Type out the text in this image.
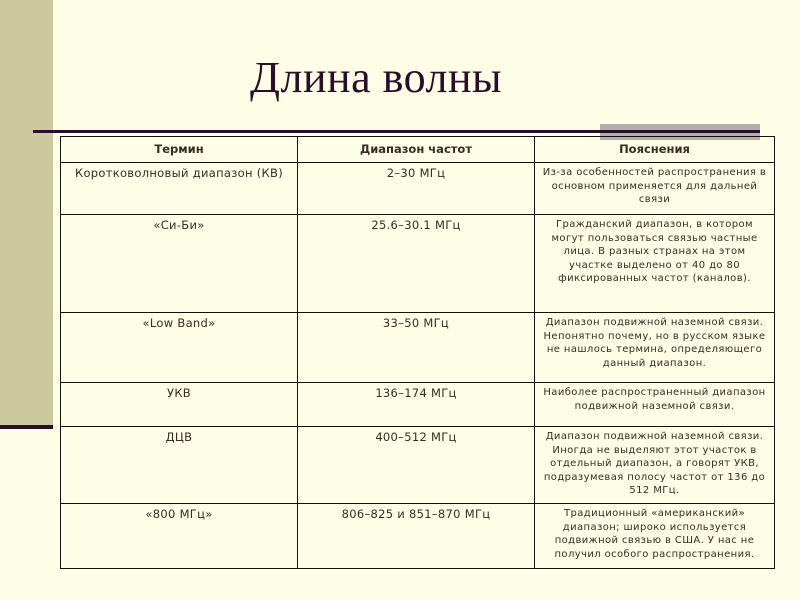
Длина волны
Термин	Диапазон частот	Пояснения
Коротковолновый диапазон (КВ)	2–30 МГц	Из-за особенностей распространения в основном применяется для дальней связи
«Си-Би»	25.6–30.1 МГц	Гражданский диапазон, в котором могут пользоваться связью частные лица. В разных странах на этом участке выделено от 40 до 80 фиксированных частот (каналов).
«Low Band»	33–50 МГц	Диапазон подвижной наземной связи. Непонятно почему, но в русском языке не нашлось термина, определяющего данный диапазон.
УКВ	136–174 МГц	Наиболее распространенный диапазон подвижной наземной связи.
ДЦВ	400–512 МГц	Диапазон подвижной наземной связи. Иногда не выделяют этот участок в отдельный диапазон, а говорят УКВ, подразумевая полосу частот от 136 до 512 МГц.
«800 МГц»	806–825 и 851–870 МГц	Традиционный «американский» диапазон; широко используется подвижной связью в США. У нас не получил особого распространения.
